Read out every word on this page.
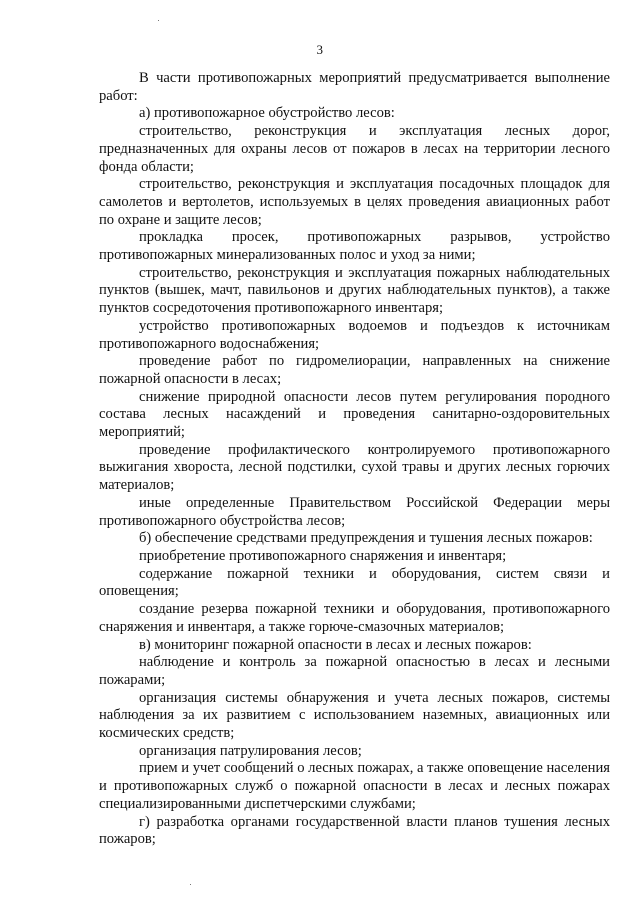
3

В части противопожарных мероприятий предусматривается выполнение работ:

а) противопожарное обустройство лесов:

строительство, реконструкция и эксплуатация лесных дорог, предназначенных для охраны лесов от пожаров в лесах на территории лесного фонда области;

строительство, реконструкция и эксплуатация посадочных площадок для самолетов и вертолетов, используемых в целях проведения авиационных работ по охране и защите лесов;

прокладка просек, противопожарных разрывов, устройство противопожарных минерализованных полос и уход за ними;

строительство, реконструкция и эксплуатация пожарных наблюдательных пунктов (вышек, мачт, павильонов и других наблюдательных пунктов), а также пунктов сосредоточения противопожарного инвентаря;

устройство противопожарных водоемов и подъездов к источникам противопожарного водоснабжения;

проведение работ по гидромелиорации, направленных на снижение пожарной опасности в лесах;

снижение природной опасности лесов путем регулирования породного состава лесных насаждений и проведения санитарно-оздоровительных мероприятий;

проведение профилактического контролируемого противопожарного выжигания хвороста, лесной подстилки, сухой травы и других лесных горючих материалов;

иные определенные Правительством Российской Федерации меры противопожарного обустройства лесов;

б) обеспечение средствами предупреждения и тушения лесных пожаров:

приобретение противопожарного снаряжения и инвентаря;

содержание пожарной техники и оборудования, систем связи и оповещения;

создание резерва пожарной техники и оборудования, противопожарного снаряжения и инвентаря, а также горюче-смазочных материалов;

в) мониторинг пожарной опасности в лесах и лесных пожаров:

наблюдение и контроль за пожарной опасностью в лесах и лесными пожарами;

организация системы обнаружения и учета лесных пожаров, системы наблюдения за их развитием с использованием наземных, авиационных или космических средств;

организация патрулирования лесов;

прием и учет сообщений о лесных пожарах, а также оповещение населения и противопожарных служб о пожарной опасности в лесах и лесных пожарах специализированными диспетчерскими службами;

г) разработка органами государственной власти планов тушения лесных пожаров;
